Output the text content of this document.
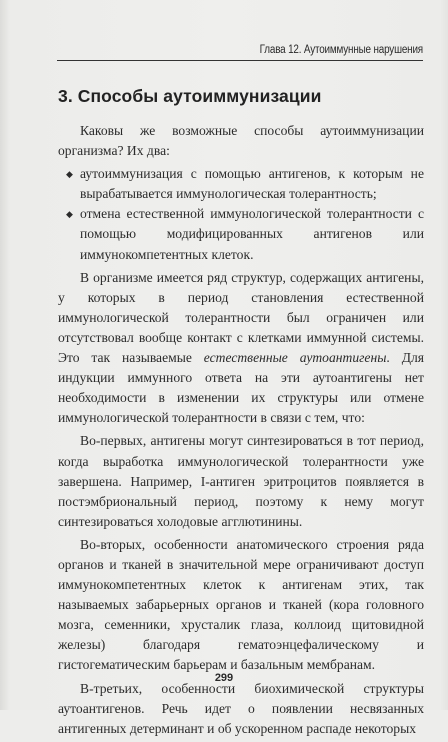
Глава 12. Аутоиммунные нарушения
3. Способы аутоиммунизации

Каковы же возможные способы аутоиммунизации организма? Их два:

◆ аутоиммунизация с помощью антигенов, к которым не вырабатывается иммунологическая толерантность;
◆ отмена естественной иммунологической толерантности с помощью модифицированных антигенов или иммунокомпетентных клеток.

В организме имеется ряд структур, содержащих антигены, у которых в период становления естественной иммунологической толерантности был ограничен или отсутствовал вообще контакт с клетками иммунной системы. Это так называемые естественные аутоантигены. Для индукции иммунного ответа на эти аутоантигены нет необходимости в изменении их структуры или отмене иммунологической толерантности в связи с тем, что:

Во-первых, антигены могут синтезироваться в тот период, когда выработка иммунологической толерантности уже завершена. Например, I-антиген эритроцитов появляется в постэмбриональный период, поэтому к нему могут синтезироваться холодовые агглютинины.

Во-вторых, особенности анатомического строения ряда органов и тканей в значительной мере ограничивают доступ иммунокомпетентных клеток к антигенам этих, так называемых забарьерных органов и тканей (кора головного мозга, семенники, хрусталик глаза, коллоид щитовидной железы) благодаря гематоэнцефалическому и гистогематическим барьерам и базальным мембранам.

В-третьих, особенности биохимической структуры аутоантигенов. Речь идет о появлении несвязанных антигенных детерминант и об ускоренном распаде некоторых

299
